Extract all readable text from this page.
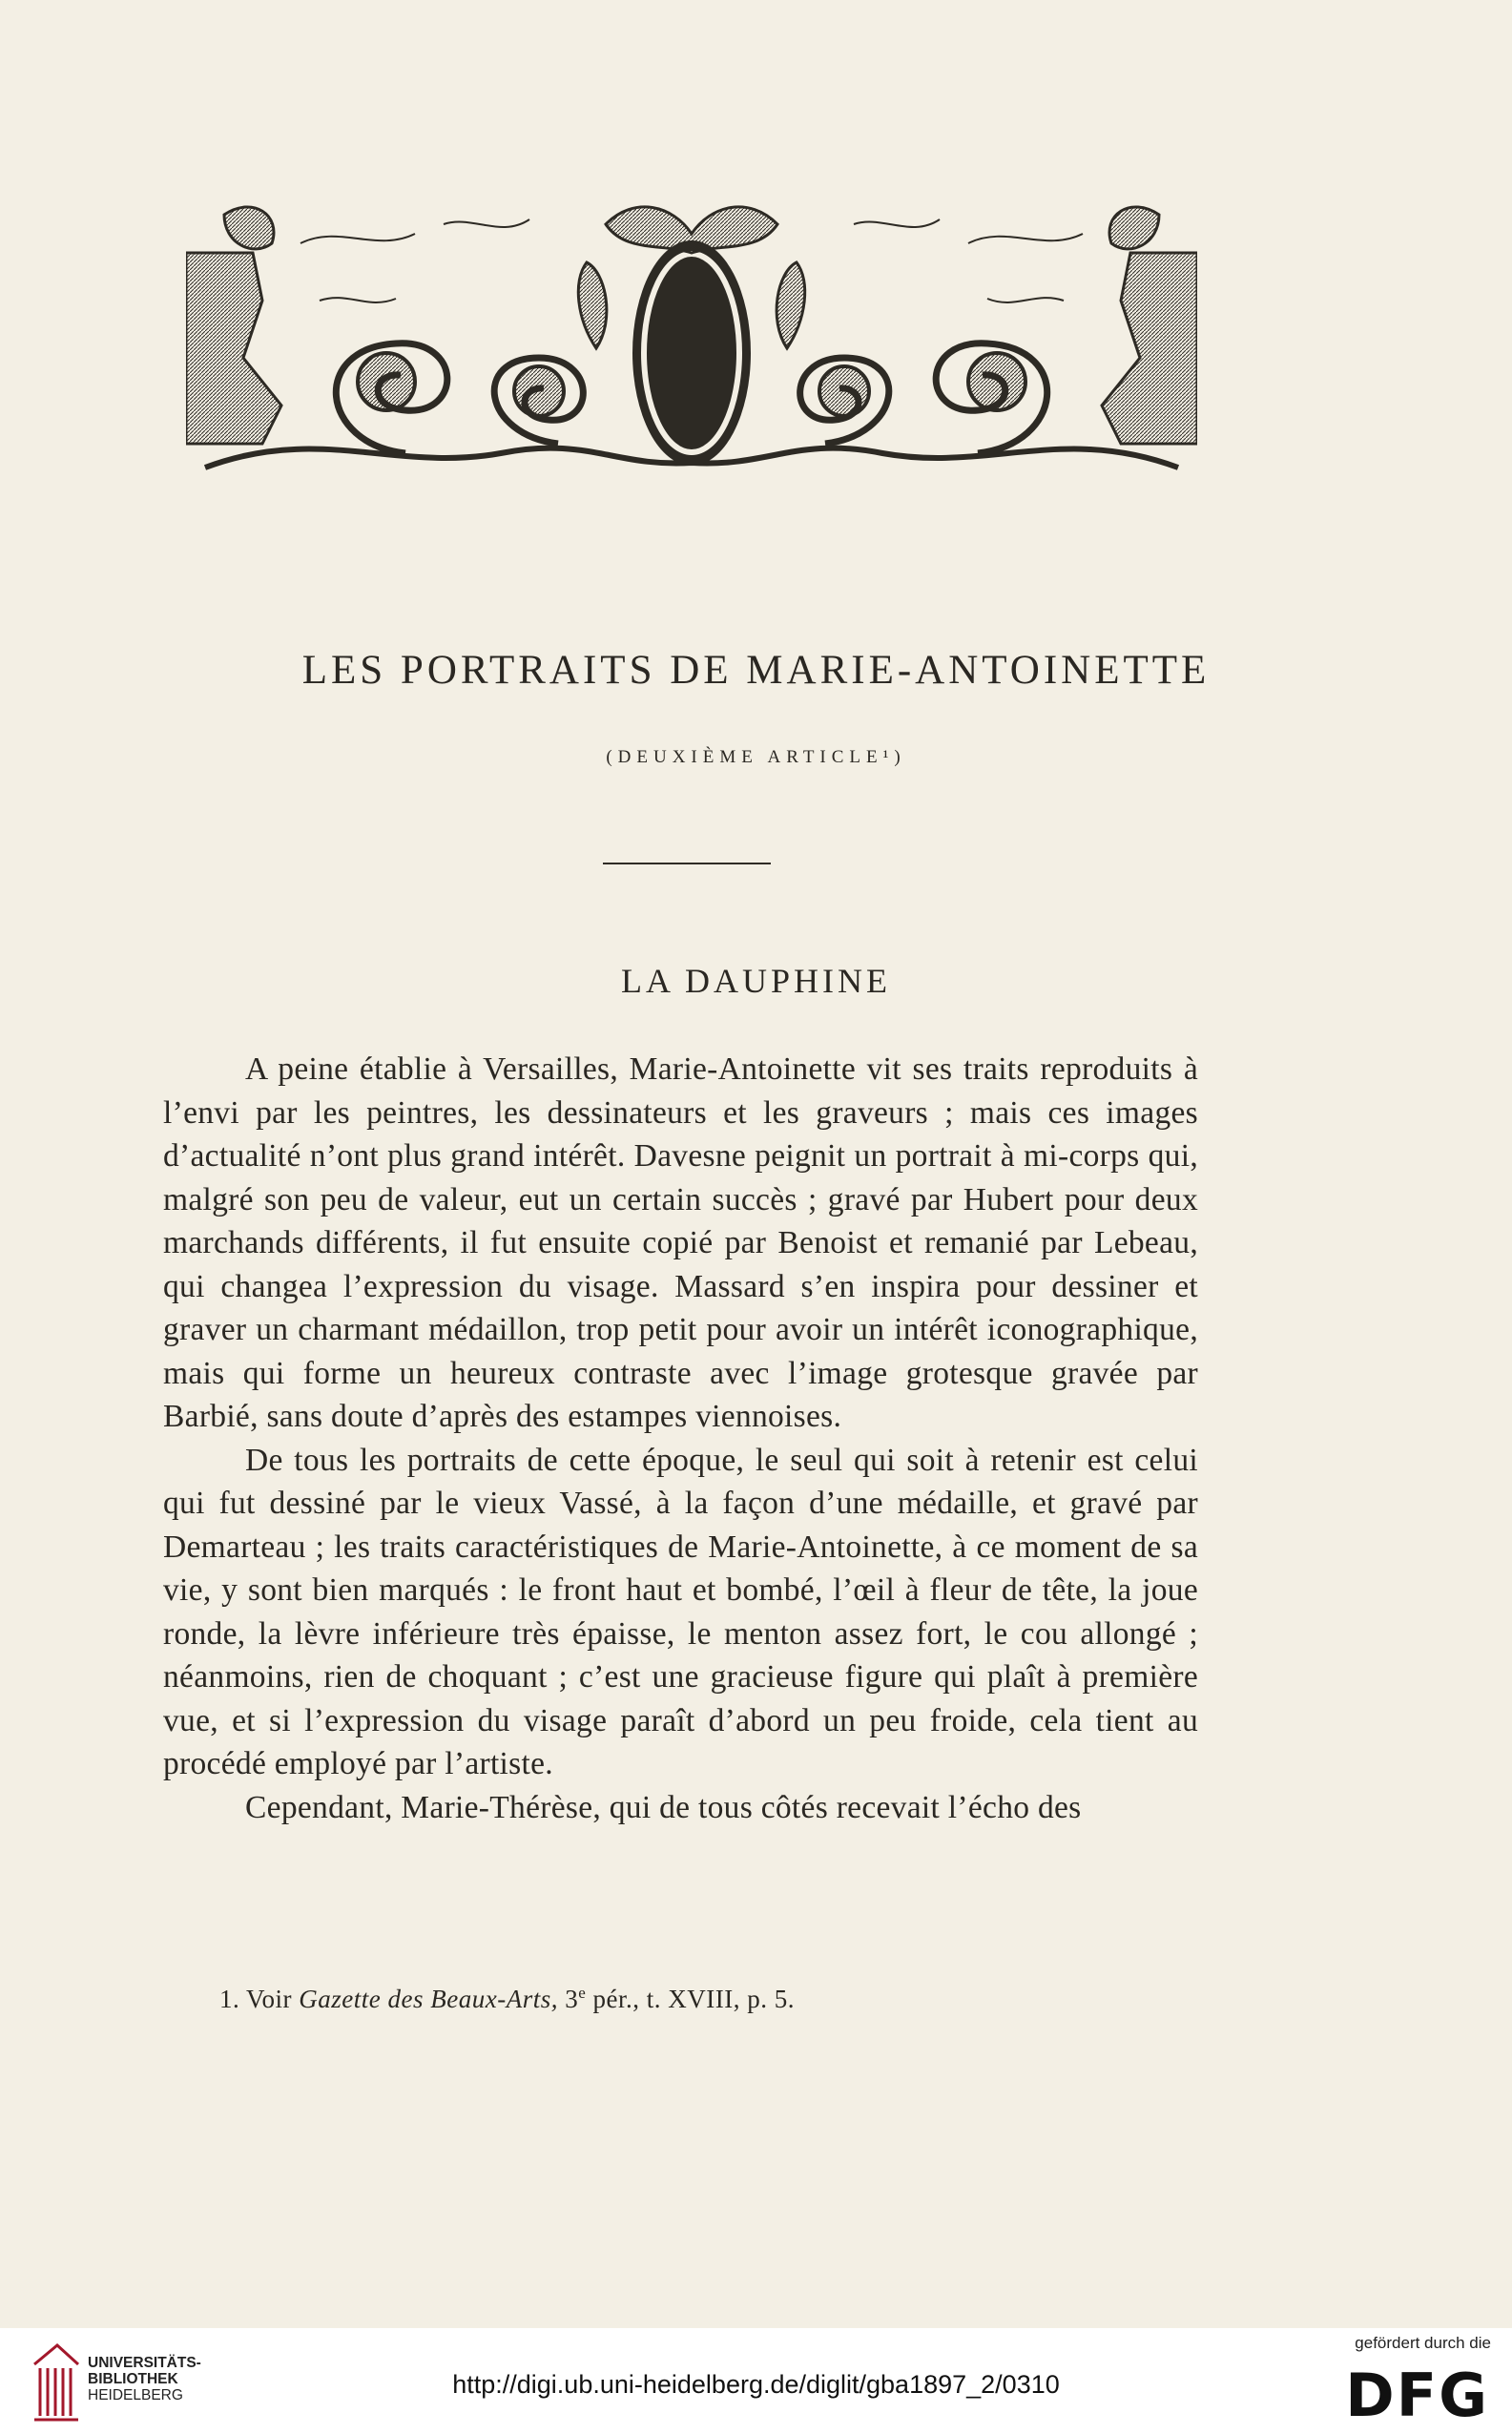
LES PORTRAITS DE MARIE-ANTOINETTE
(DEUXIÈME ARTICLE¹)
LA DAUPHINE

A peine établie à Versailles, Marie-Antoinette vit ses traits reproduits à l’envi par les peintres, les dessinateurs et les graveurs ; mais ces images d’actualité n’ont plus grand intérêt. Davesne peignit un portrait à mi-corps qui, malgré son peu de valeur, eut un certain succès ; gravé par Hubert pour deux marchands différents, il fut ensuite copié par Benoist et remanié par Lebeau, qui changea l’expression du visage. Massard s’en inspira pour dessiner et graver un charmant médaillon, trop petit pour avoir un intérêt iconographique, mais qui forme un heureux contraste avec l’image grotesque gravée par Barbié, sans doute d’après des estampes viennoises.

De tous les portraits de cette époque, le seul qui soit à retenir est celui qui fut dessiné par le vieux Vassé, à la façon d’une médaille, et gravé par Demarteau ; les traits caractéristiques de Marie-Antoinette, à ce moment de sa vie, y sont bien marqués : le front haut et bombé, l’œil à fleur de tête, la joue ronde, la lèvre inférieure très épaisse, le menton assez fort, le cou allongé ; néanmoins, rien de choquant ; c’est une gracieuse figure qui plaît à première vue, et si l’expression du visage paraît d’abord un peu froide, cela tient au procédé employé par l’artiste.

Cependant, Marie-Thérèse, qui de tous côtés recevait l’écho des

1. Voir Gazette des Beaux-Arts, 3e pér., t. XVIII, p. 5.
UNIVERSITÄTS-
BIBLIOTHEK
HEIDELBERG	http://digi.ub.uni-heidelberg.de/diglit/gba1897_2/0310
gefördert durch die
DFG
